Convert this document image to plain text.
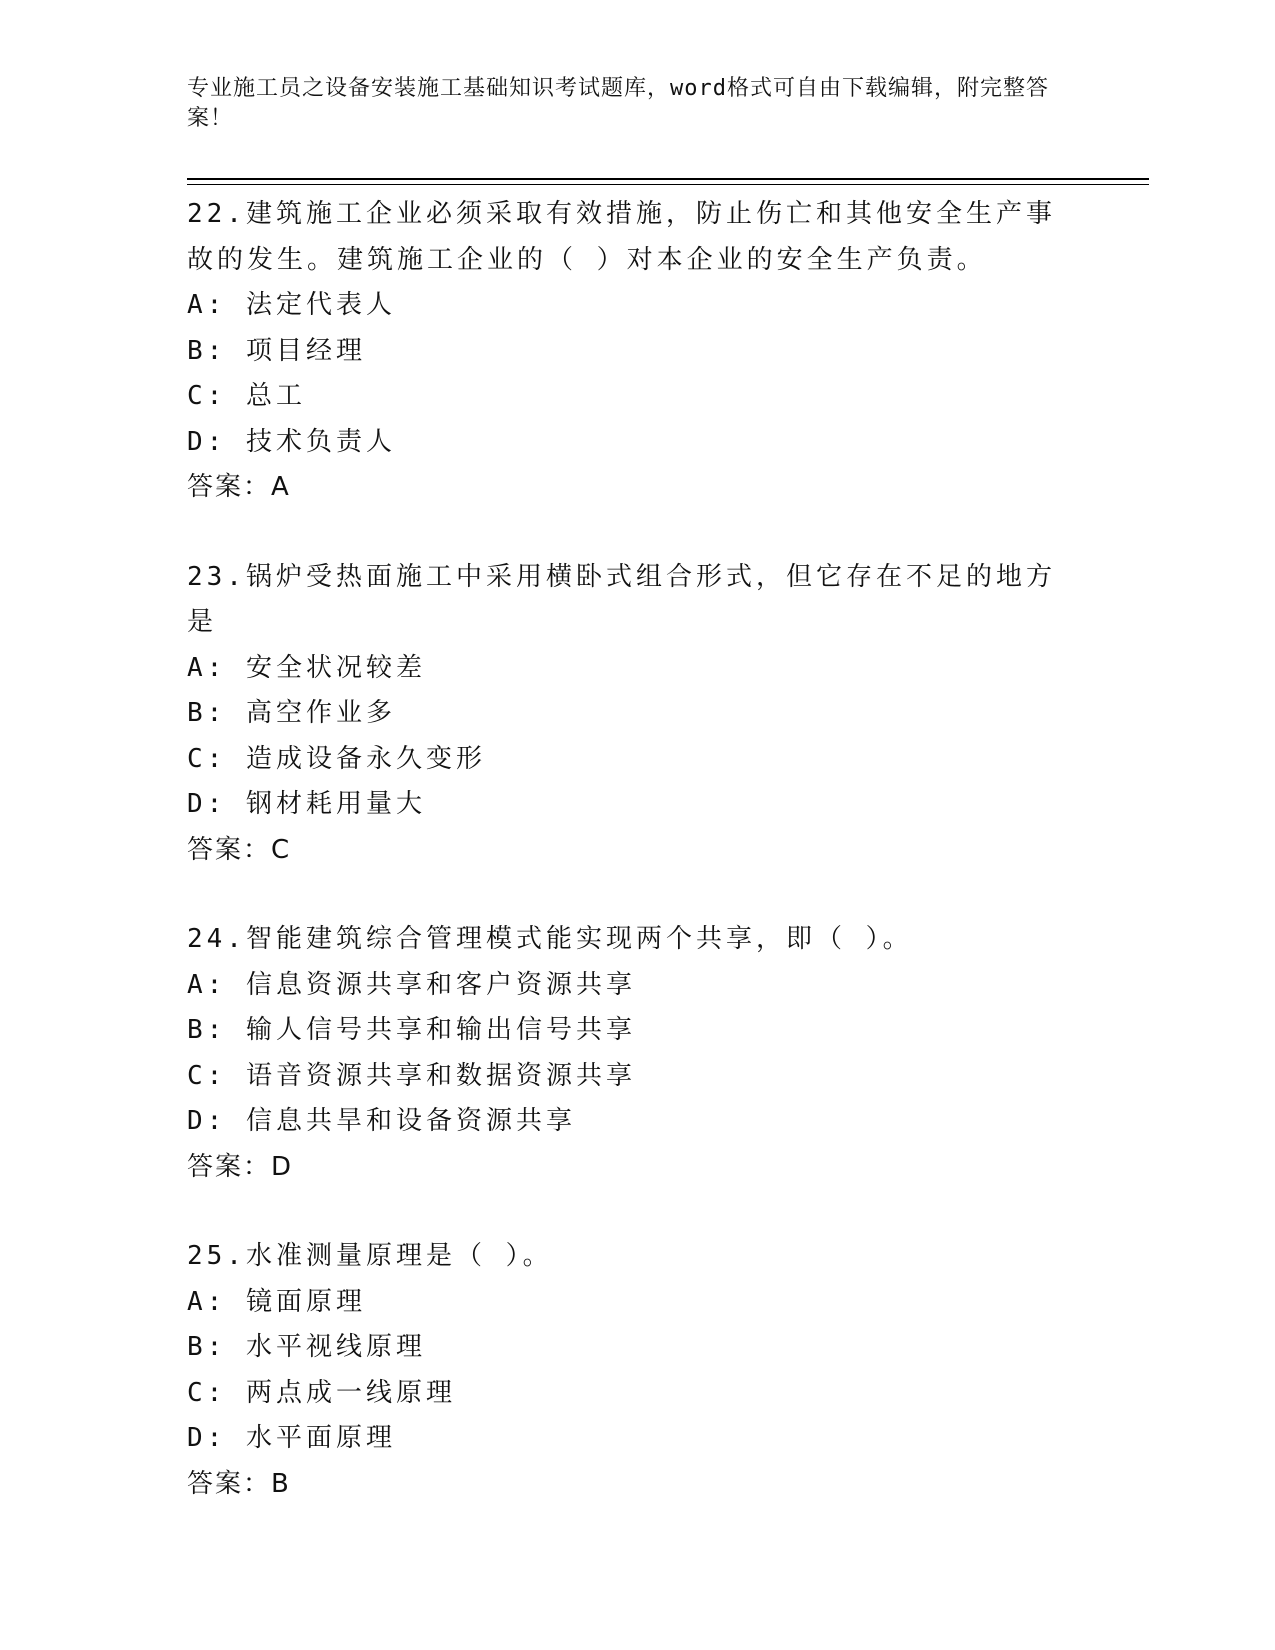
专业施工员之设备安装施工基础知识考试题库，word格式可自由下载编辑，附完整答案！
22.建筑施工企业必须采取有效措施，防止伤亡和其他安全生产事故的发生。建筑施工企业的（ ）对本企业的安全生产负责。
A: 法定代表人
B: 项目经理
C: 总工
D: 技术负责人
答案：A
23.锅炉受热面施工中采用横卧式组合形式，但它存在不足的地方是
A: 安全状况较差
B: 高空作业多
C: 造成设备永久变形
D: 钢材耗用量大
答案：C
24.智能建筑综合管理模式能实现两个共享，即（ ）。
A: 信息资源共享和客户资源共享
B: 输人信号共享和输出信号共享
C: 语音资源共享和数据资源共享
D: 信息共旱和设备资源共享
答案：D
25.水准测量原理是（ ）。
A: 镜面原理
B: 水平视线原理
C: 两点成一线原理
D: 水平面原理
答案：B
